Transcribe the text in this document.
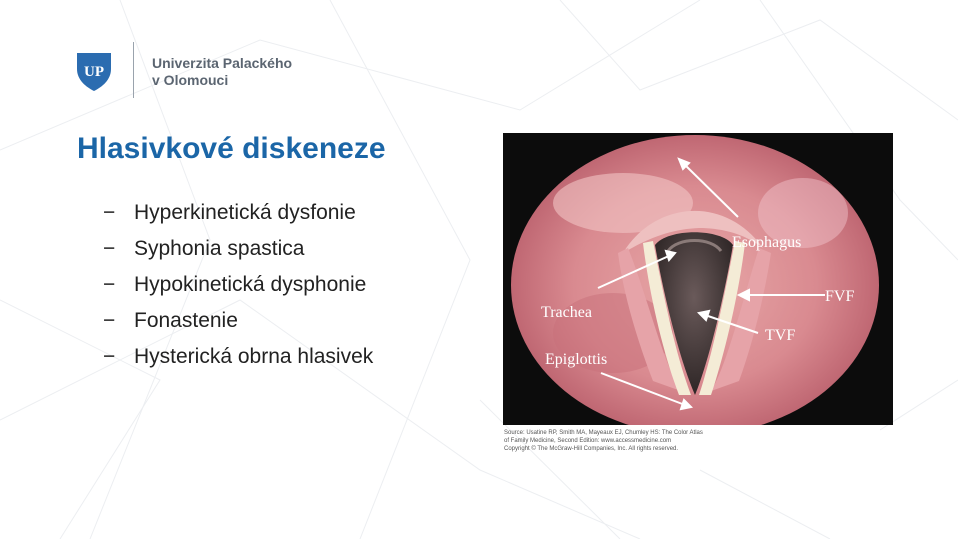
UP
Univerzita Palackého
v Olomouci
Hlasivkové diskeneze
− Hyperkinetická dysfonie
− Syphonia spastica
− Hypokinetická dysphonie
− Fonastenie
− Hysterická obrna hlasivek
Esophagus
FVF
Trachea
TVF
Epiglottis
Source: Usatine RP, Smith MA, Mayeaux EJ, Chumley HS: The Color Atlas
of Family Medicine, Second Edition: www.accessmedicine.com
Copyright © The McGraw-Hill Companies, Inc. All rights reserved.
